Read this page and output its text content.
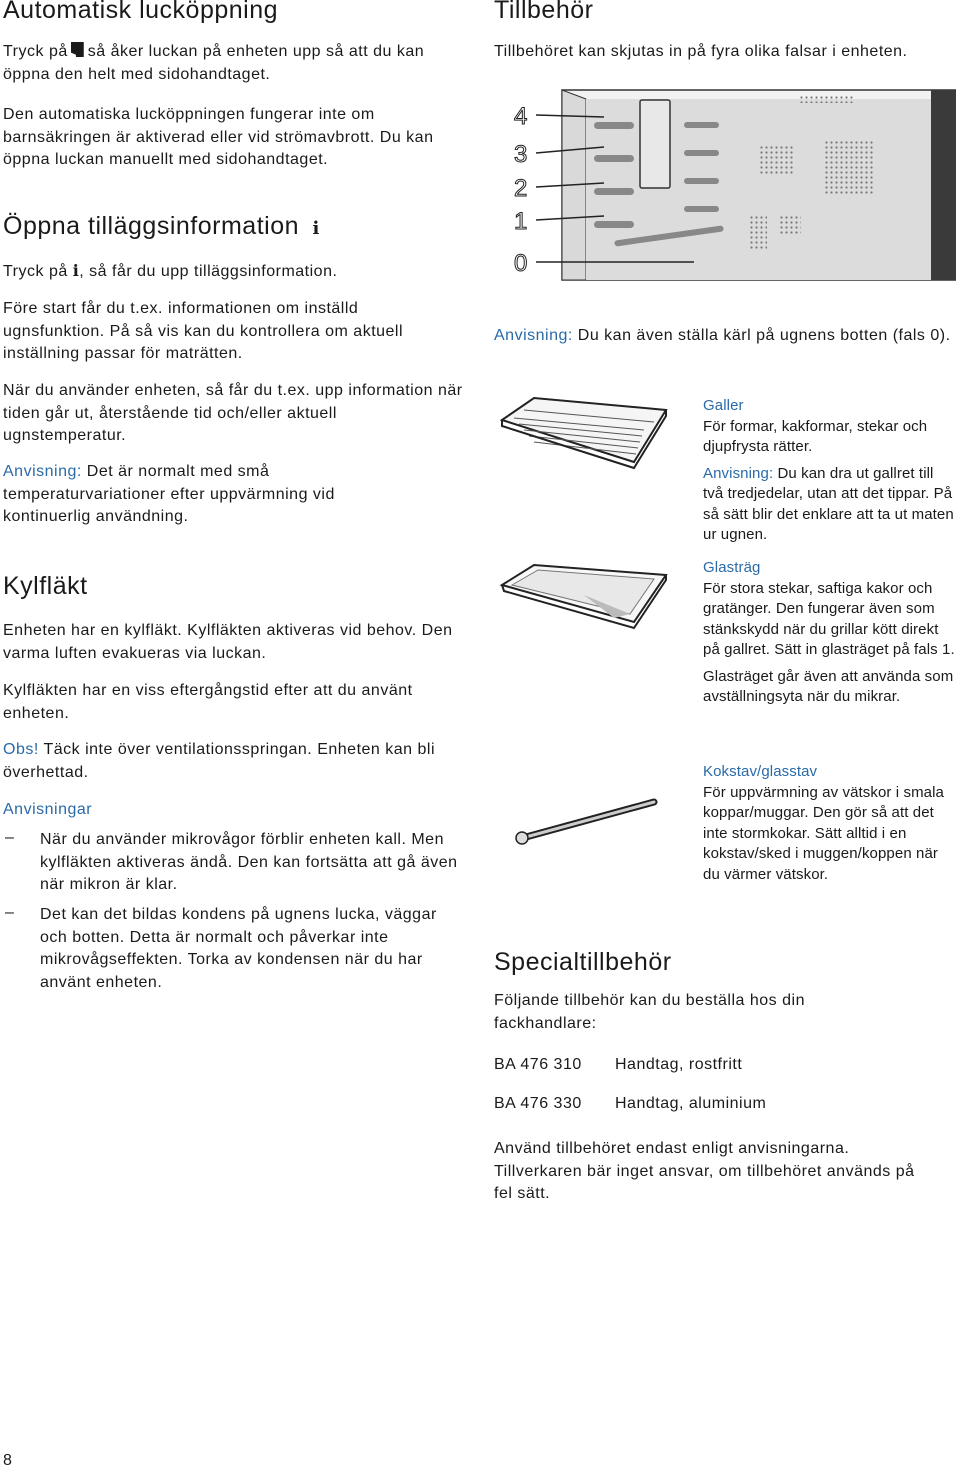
Automatisk lucköppning

Tryck på så åker luckan på enheten upp så att du kan öppna den helt med sidohandtaget.

Den automatiska lucköppningen fungerar inte om barnsäkringen är aktiverad eller vid strömavbrott. Du kan öppna luckan manuellt med sidohandtaget.

Öppna tilläggsinformation i

Tryck på i, så får du upp tilläggsinformation.

Före start får du t.ex. informationen om inställd ugnsfunktion. På så vis kan du kontrollera om aktuell inställning passar för maträtten.

När du använder enheten, så får du t.ex. upp information när tiden går ut, återstående tid och/eller aktuell ugnstemperatur.

Anvisning: Det är normalt med små temperaturvariationer efter uppvärmning vid kontinuerlig användning.

Kylfläkt

Enheten har en kylfläkt. Kylfläkten aktiveras vid behov. Den varma luften evakueras via luckan.

Kylfläkten har en viss eftergångstid efter att du använt enheten.

Obs! Täck inte över ventilationsspringan. Enheten kan bli överhettad.

Anvisningar

– När du använder mikrovågor förblir enheten kall. Men kylfläkten aktiveras ändå. Den kan fortsätta att gå även när mikron är klar.

– Det kan det bildas kondens på ugnens lucka, väggar och botten. Detta är normalt och påverkar inte mikrovågseffekten. Torka av kondensen när du har använt enheten.

Tillbehör

Tillbehöret kan skjutas in på fyra olika falsar i enheten.

4
3
2
1
0

Anvisning: Du kan även ställa kärl på ugnens botten (fals 0).

Galler

För formar, kakformar, stekar och djupfrysta rätter.

Anvisning: Du kan dra ut gallret till två tredjedelar, utan att det tippar. På så sätt blir det enklare att ta ut maten ur ugnen.

Glasträg

För stora stekar, saftiga kakor och gratänger. Den fungerar även som stänkskydd när du grillar kött direkt på gallret. Sätt in glasträget på fals 1.

Glasträget går även att använda som avställningsyta när du mikrar.

Kokstav/glasstav

För uppvärmning av vätskor i smala koppar/muggar. Den gör så att det inte stormkokar. Sätt alltid i en kokstav/sked i muggen/koppen när du värmer vätskor.

Specialtillbehör

Följande tillbehör kan du beställa hos din fackhandlare:

BA 476 310 Handtag, rostfritt
BA 476 330 Handtag, aluminium

Använd tillbehöret endast enligt anvisningarna. Tillverkaren bär inget ansvar, om tillbehöret används på fel sätt.

8
